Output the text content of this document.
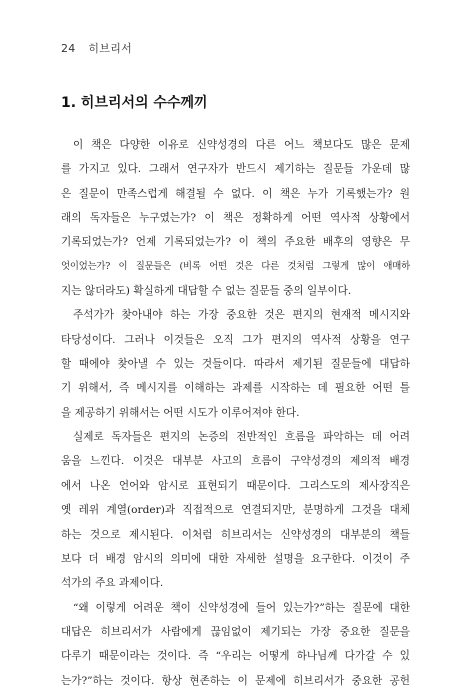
24 히브리서
1. 히브리서의 수수께끼
이 책은 다양한 이유로 신약성경의 다른 어느 책보다도 많은 문제
를 가지고 있다. 그래서 연구자가 반드시 제기하는 질문들 가운데 많
은 질문이 만족스럽게 해결될 수 없다. 이 책은 누가 기록했는가? 원
래의 독자들은 누구였는가? 이 책은 정확하게 어떤 역사적 상황에서
기록되었는가? 언제 기록되었는가? 이 책의 주요한 배후의 영향은 무
엇이었는가? 이 질문들은 (비록 어떤 것은 다른 것처럼 그렇게 많이 애매하
지는 않더라도) 확실하게 대답할 수 없는 질문들 중의 일부이다.
주석가가 찾아내야 하는 가장 중요한 것은 편지의 현재적 메시지와
타당성이다. 그러나 이것들은 오직 그가 편지의 역사적 상황을 연구
할 때에야 찾아낼 수 있는 것들이다. 따라서 제기된 질문들에 대답하
기 위해서, 즉 메시지를 이해하는 과제를 시작하는 데 필요한 어떤 틀
을 제공하기 위해서는 어떤 시도가 이루어져야 한다.
실제로 독자들은 편지의 논증의 전반적인 흐름을 파악하는 데 어려
움을 느낀다. 이것은 대부분 사고의 흐름이 구약성경의 제의적 배경
에서 나온 언어와 암시로 표현되기 때문이다. 그리스도의 제사장직은
옛 레위 계열(order)과 직접적으로 연결되지만, 분명하게 그것을 대체
하는 것으로 제시된다. 이처럼 히브리서는 신약성경의 대부분의 책들
보다 더 배경 암시의 의미에 대한 자세한 설명을 요구한다. 이것이 주
석가의 주요 과제이다.
“왜 이렇게 어려운 책이 신약성경에 들어 있는가?”하는 질문에 대한
대답은 히브리서가 사람에게 끊임없이 제기되는 가장 중요한 질문을
다루기 때문이라는 것이다. 즉 “우리는 어떻게 하나님께 다가갈 수 있
는가?”하는 것이다. 항상 현존하는 이 문제에 히브리서가 중요한 공헌
